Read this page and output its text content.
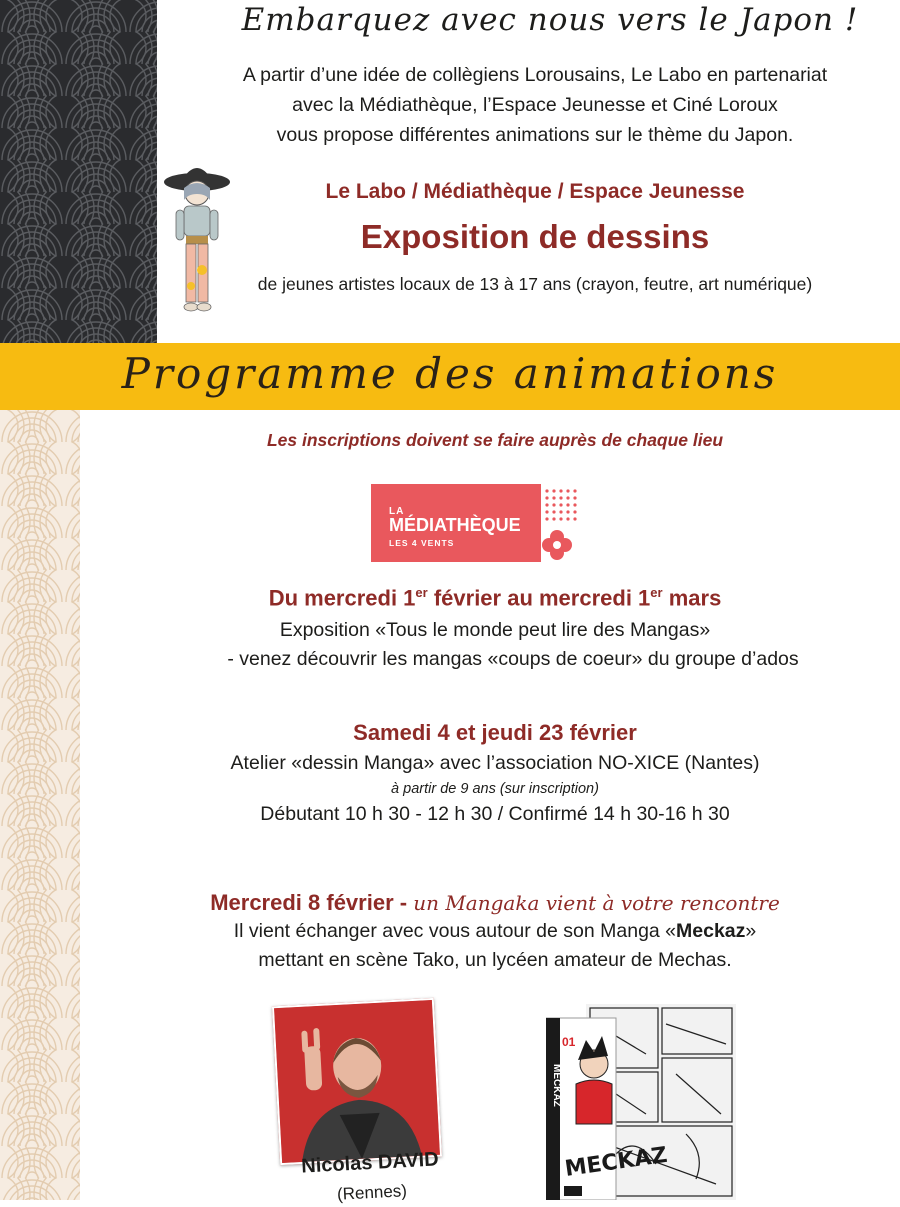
Embarquez avec nous vers le Japon !
A partir d’une idée de collègiens Lorousains, Le Labo en partenariat
avec la Médiathèque, l’Espace Jeunesse et Ciné Loroux
vous propose différentes animations sur le thème du Japon.
Le Labo / Médiathèque / Espace Jeunesse
Exposition de dessins
de jeunes artistes locaux de 13 à 17 ans (crayon, feutre, art numérique)
Programme des animations
Les inscriptions doivent se faire auprès de chaque lieu
LA
MÉDIATHÈQUE
LES 4 VENTS
Du mercredi 1er février au mercredi 1er mars
Exposition «Tous le monde peut lire des Mangas»
- venez découvrir les mangas «coups de coeur» du groupe d’ados
Samedi 4 et jeudi 23 février
Atelier «dessin Manga» avec l’association NO-XICE (Nantes)
à partir de 9 ans (sur inscription)
Débutant 10 h 30 - 12 h 30 / Confirmé 14 h 30-16 h 30
Mercredi 8 février - un Mangaka vient à votre rencontre
Il vient échanger avec vous autour de son Manga «Meckaz»
mettant en scène Tako, un lycéen amateur de Mechas.
Nicolas DAVID
(Rennes)
MECKAZ
01
MECKAZ
